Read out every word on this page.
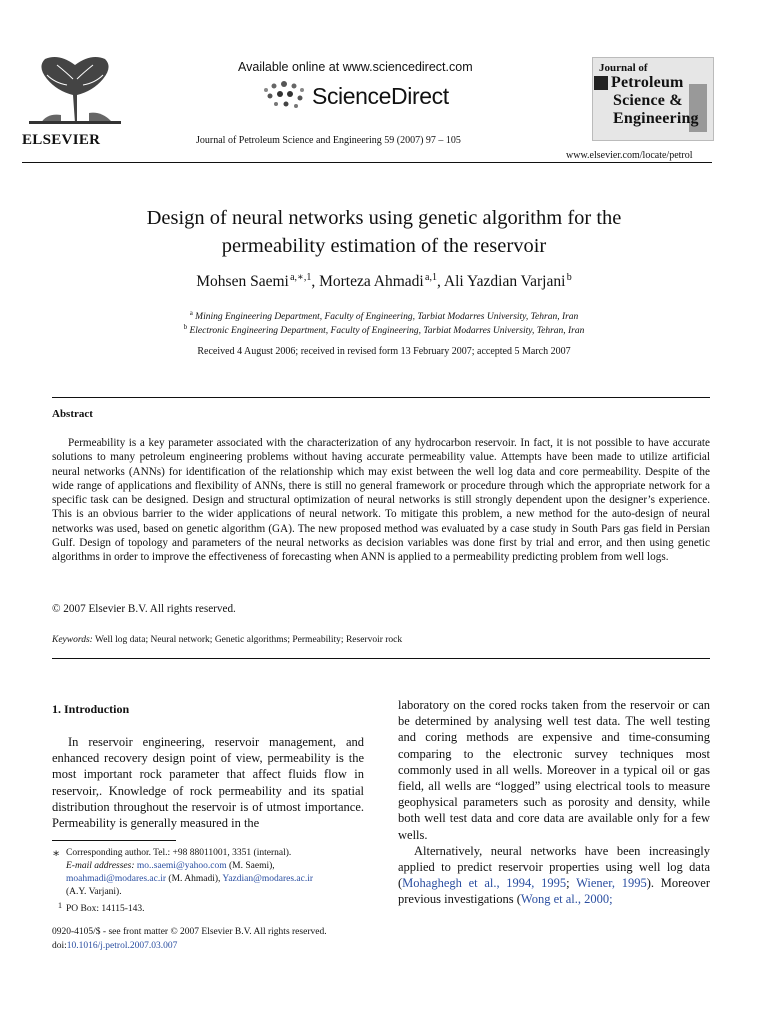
ELSEVIER
Available online at www.sciencedirect.com
ScienceDirect
Journal of Petroleum Science and Engineering 59 (2007) 97 – 105
Journal of
Petroleum
Science &
Engineering
www.elsevier.com/locate/petrol
Design of neural networks using genetic algorithm for the
permeability estimation of the reservoir
Mohsen Saemi $^{a,∗,1}$, Morteza Ahmadi $^{a,1}$, Ali Yazdian Varjani $^b$
$^a$ Mining Engineering Department, Faculty of Engineering, Tarbiat Modarres University, Tehran, Iran
$^b$ Electronic Engineering Department, Faculty of Engineering, Tarbiat Modarres University, Tehran, Iran
Received 4 August 2006; received in revised form 13 February 2007; accepted 5 March 2007
Abstract
Permeability is a key parameter associated with the characterization of any hydrocarbon reservoir. In fact, it is not possible to have accurate solutions to many petroleum engineering problems without having accurate permeability value. Attempts have been made to utilize artificial neural networks (ANNs) for identification of the relationship which may exist between the well log data and core permeability. Despite of the wide range of applications and flexibility of ANNs, there is still no general framework or procedure through which the appropriate network for a specific task can be designed. Design and structural optimization of neural networks is still strongly dependent upon the designer’s experience. This is an obvious barrier to the wider applications of neural network. To mitigate this problem, a new method for the auto-design of neural networks was used, based on genetic algorithm (GA). The new proposed method was evaluated by a case study in South Pars gas field in Persian Gulf. Design of topology and parameters of the neural networks as decision variables was done first by trial and error, and then using genetic algorithms in order to improve the effectiveness of forecasting when ANN is applied to a permeability predicting problem from well logs.
© 2007 Elsevier B.V. All rights reserved.
Keywords: Well log data; Neural network; Genetic algorithms; Permeability; Reservoir rock
1. Introduction
In reservoir engineering, reservoir management, and enhanced recovery design point of view, permeability is the most important rock parameter that affect fluids flow in reservoir,. Knowledge of rock permeability and its spatial distribution throughout the reservoir is of utmost importance. Permeability is generally measured in the

laboratory on the cored rocks taken from the reservoir or can be determined by analysing well test data. The well testing and coring methods are expensive and time-consuming comparing to the electronic survey techniques most commonly used in all wells. Moreover in a typical oil or gas field, all wells are “logged” using electrical tools to measure geophysical parameters such as porosity and density, while both well test data and core data are available only for a few wells.

Alternatively, neural networks have been increasingly applied to predict reservoir properties using well log data (Mohaghegh et al., 1994, 1995; Wiener, 1995). Moreover previous investigations (Wong et al., 2000;

∗ Corresponding author. Tel.: +98 88011001, 3351 (internal).
E-mail addresses: mo..saemi@yahoo.com (M. Saemi),
moahmadi@modares.ac.ir (M. Ahmadi), Yazdian@modares.ac.ir
(A.Y. Varjani).
1 PO Box: 14115-143.
0920-4105/$ - see front matter © 2007 Elsevier B.V. All rights reserved.
doi:10.1016/j.petrol.2007.03.007
